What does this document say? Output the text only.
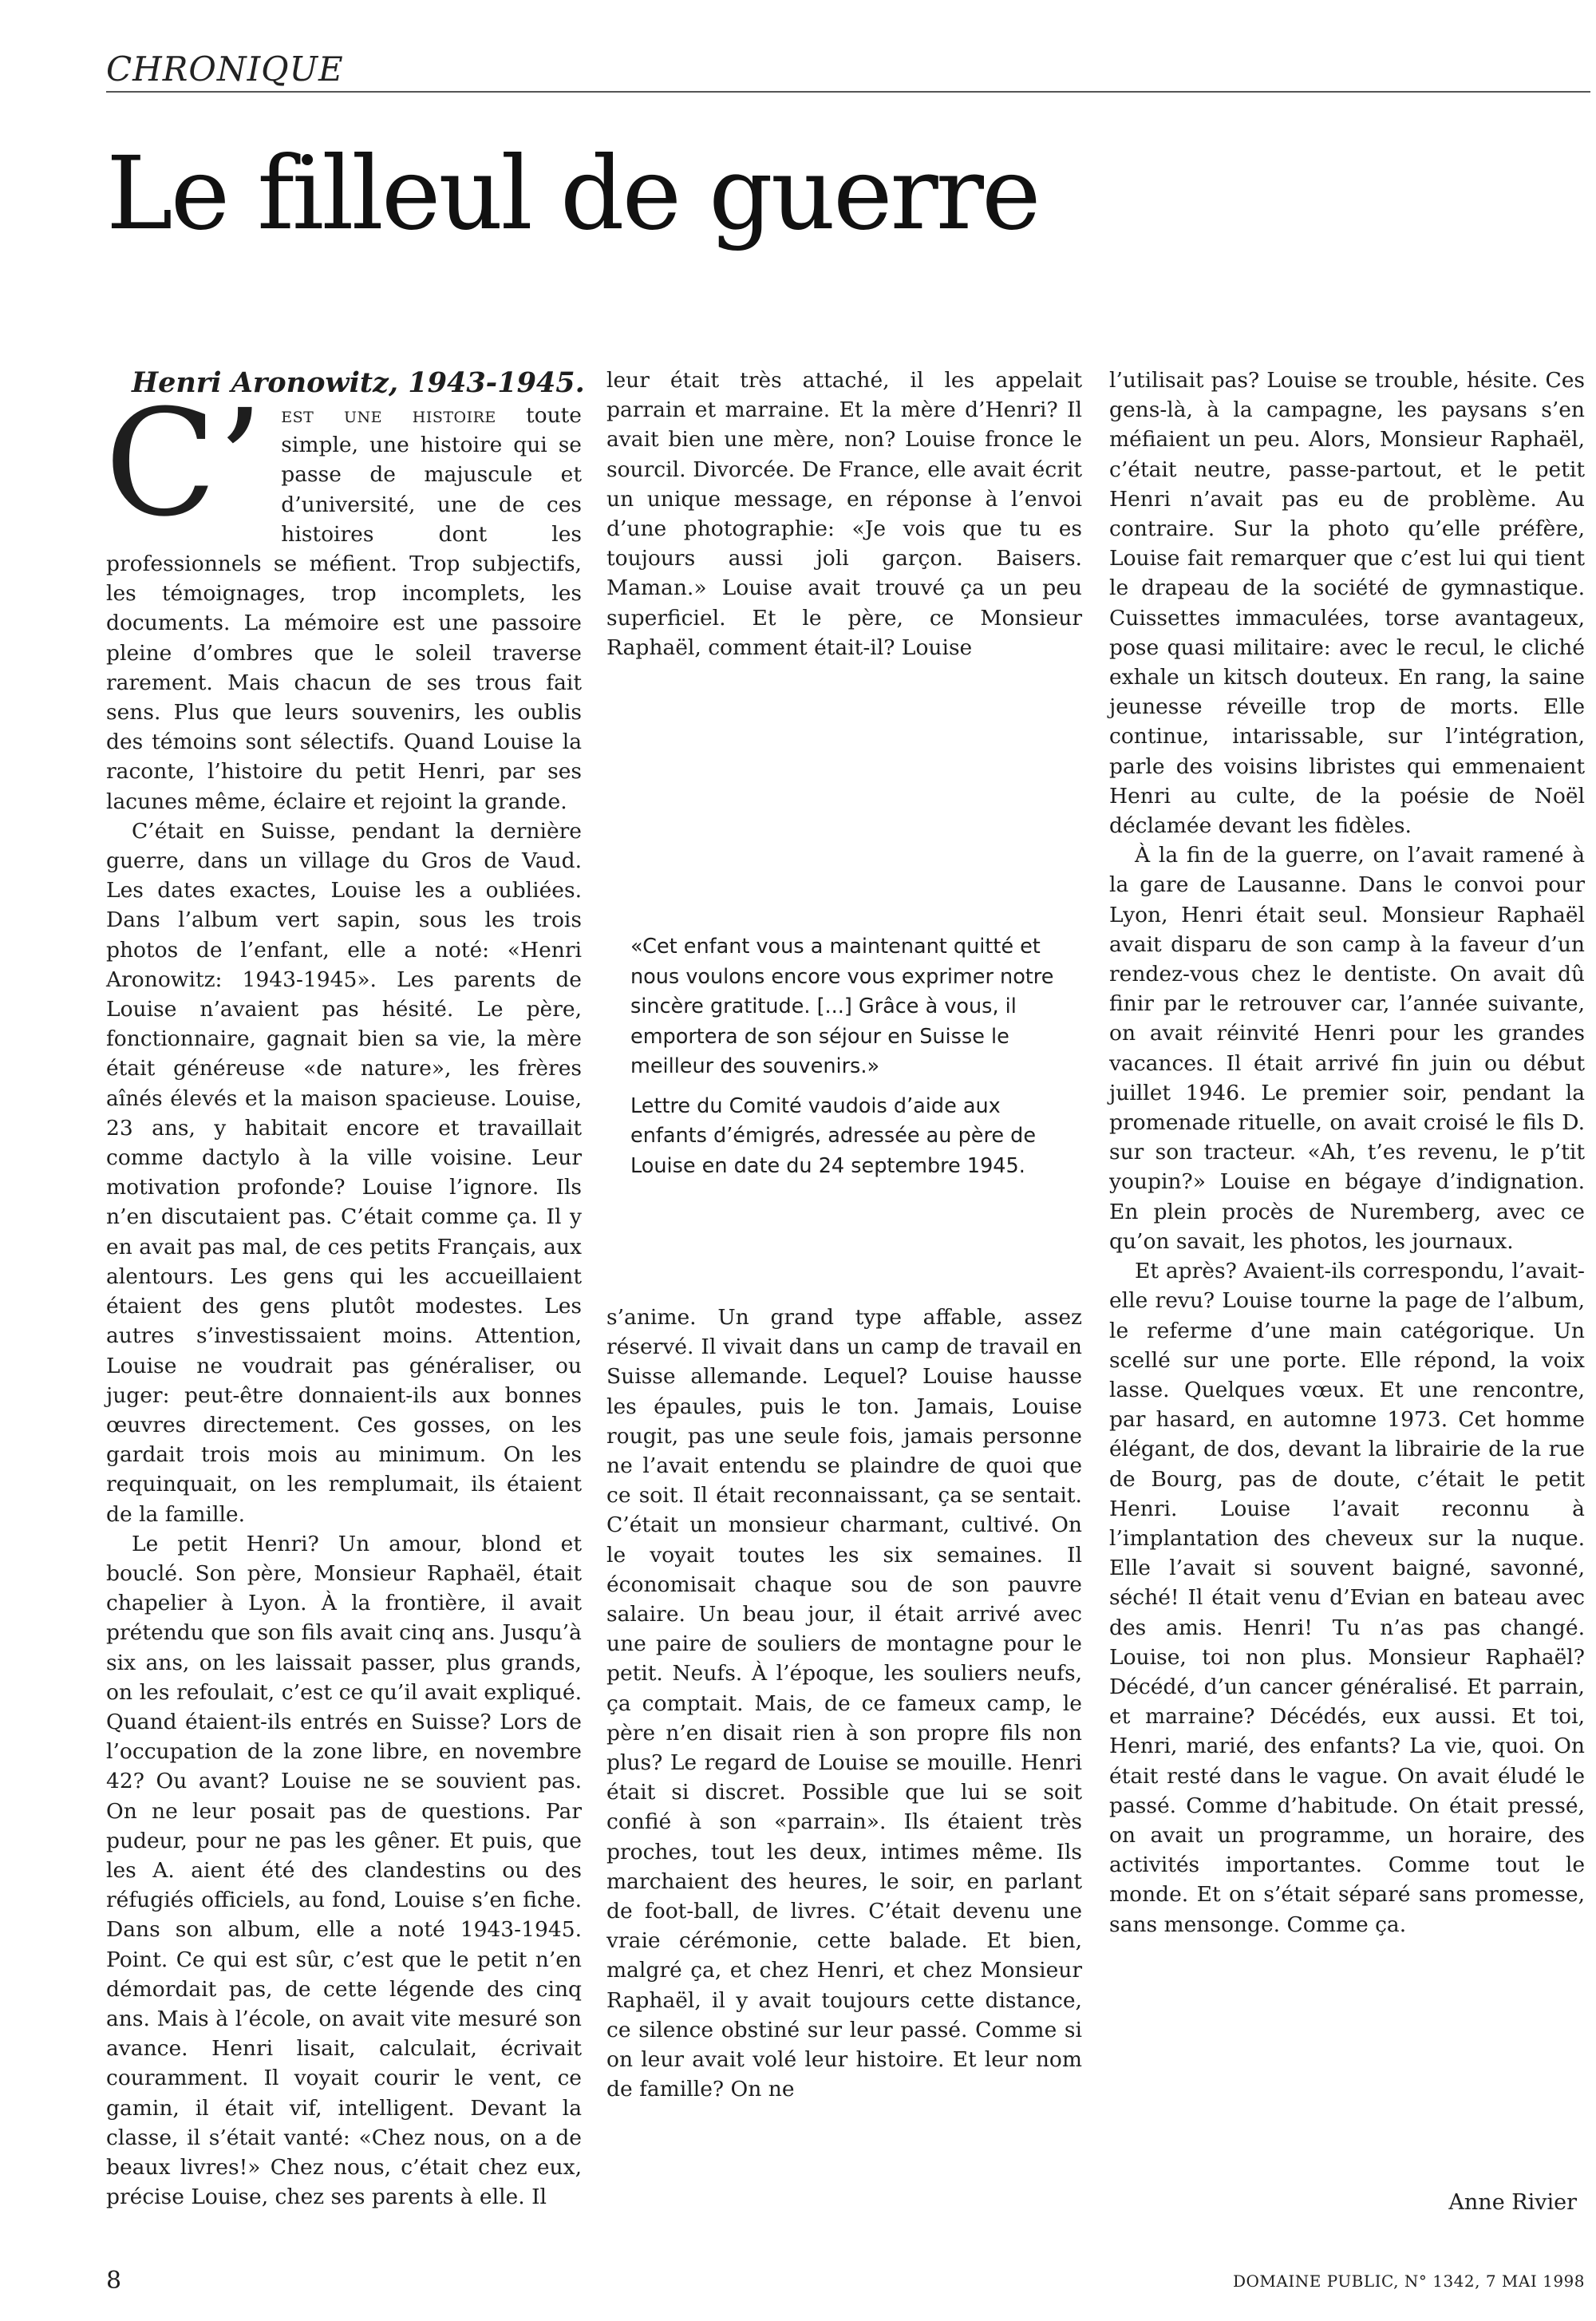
CHRONIQUE
Le filleul de guerre

Henri Aronowitz, 1943-1945.

C’ est une histoire toute simple, une histoire qui se passe de majuscule et d’université, une de ces histoires dont les professionnels se méfient. Trop subjectifs, les témoignages, trop incomplets, les documents. La mémoire est une passoire pleine d’ombres que le soleil traverse rarement. Mais chacun de ses trous fait sens. Plus que leurs souvenirs, les oublis des témoins sont sélectifs. Quand Louise la raconte, l’histoire du petit Henri, par ses lacunes même, éclaire et rejoint la grande.

C’était en Suisse, pendant la dernière guerre, dans un village du Gros de Vaud. Les dates exactes, Louise les a oubliées. Dans l’album vert sapin, sous les trois photos de l’enfant, elle a noté: «Henri Aronowitz: 1943-1945». Les parents de Louise n’avaient pas hésité. Le père, fonctionnaire, gagnait bien sa vie, la mère était généreuse «de nature», les frères aînés élevés et la maison spacieuse. Louise, 23 ans, y habitait encore et travaillait comme dactylo à la ville voisine. Leur motivation profonde? Louise l’ignore. Ils n’en discutaient pas. C’était comme ça. Il y en avait pas mal, de ces petits Français, aux alentours. Les gens qui les accueillaient étaient des gens plutôt modestes. Les autres s’investissaient moins. Attention, Louise ne voudrait pas généraliser, ou juger: peut-être donnaient-ils aux bonnes œuvres directement. Ces gosses, on les gardait trois mois au minimum. On les requinquait, on les remplumait, ils étaient de la famille.

Le petit Henri? Un amour, blond et bouclé. Son père, Monsieur Raphaël, était chapelier à Lyon. À la frontière, il avait prétendu que son fils avait cinq ans. Jusqu’à six ans, on les laissait passer, plus grands, on les refoulait, c’est ce qu’il avait expliqué. Quand étaient-ils entrés en Suisse? Lors de l’occupation de la zone libre, en novembre 42? Ou avant? Louise ne se souvient pas. On ne leur posait pas de questions. Par pudeur, pour ne pas les gêner. Et puis, que les A. aient été des clandestins ou des réfugiés officiels, au fond, Louise s’en fiche. Dans son album, elle a noté 1943-1945. Point. Ce qui est sûr, c’est que le petit n’en démordait pas, de cette légende des cinq ans. Mais à l’école, on avait vite mesuré son avance. Henri lisait, calculait, écrivait couramment. Il voyait courir le vent, ce gamin, il était vif, intelligent. Devant la classe, il s’était vanté: «Chez nous, on a de beaux livres!» Chez nous, c’était chez eux, précise Louise, chez ses parents à elle. Il

«Cet enfant vous a maintenant quitté et nous voulons encore vous exprimer notre sincère gratitude. [...] Grâce à vous, il emportera de son séjour en Suisse le meilleur des souvenirs.»

Lettre du Comité vaudois d’aide aux enfants d’émigrés, adressée au père de Louise en date du 24 septembre 1945.

s’anime. Un grand type affable, assez réservé. Il vivait dans un camp de travail en Suisse allemande. Lequel? Louise hausse les épaules, puis le ton. Jamais, Louise rougit, pas une seule fois, jamais personne ne l’avait entendu se plaindre de quoi que ce soit. Il était reconnaissant, ça se sentait. C’était un monsieur charmant, cultivé. On le voyait toutes les six semaines. Il économisait chaque sou de son pauvre salaire. Un beau jour, il était arrivé avec une paire de souliers de montagne pour le petit. Neufs. À l’époque, les souliers neufs, ça comptait. Mais, de ce fameux camp, le père n’en disait rien à son propre fils non plus? Le regard de Louise se mouille. Henri était si discret. Possible que lui se soit confié à son «parrain». Ils étaient très proches, tout les deux, intimes même. Ils marchaient des heures, le soir, en parlant de foot-ball, de livres. C’était devenu une vraie cérémonie, cette balade. Et bien, malgré ça, et chez Henri, et chez Monsieur Raphaël, il y avait toujours cette distance, ce silence obstiné sur leur passé. Comme si on leur avait volé leur histoire. Et leur nom de famille? On ne

l’utilisait pas? Louise se trouble, hésite. Ces gens-là, à la campagne, les paysans s’en méfiaient un peu. Alors, Monsieur Raphaël, c’était neutre, passe-partout, et le petit Henri n’avait pas eu de problème. Au contraire. Sur la photo qu’elle préfère, Louise fait remarquer que c’est lui qui tient le drapeau de la société de gymnastique. Cuissettes immaculées, torse avantageux, pose quasi militaire: avec le recul, le cliché exhale un kitsch douteux. En rang, la saine jeunesse réveille trop de morts. Elle continue, intarissable, sur l’intégration, parle des voisins libristes qui emmenaient Henri au culte, de la poésie de Noël déclamée devant les fidèles.

À la fin de la guerre, on l’avait ramené à la gare de Lausanne. Dans le convoi pour Lyon, Henri était seul. Monsieur Raphaël avait disparu de son camp à la faveur d’un rendez-vous chez le dentiste. On avait dû finir par le retrouver car, l’année suivante, on avait réinvité Henri pour les grandes vacances. Il était arrivé fin juin ou début juillet 1946. Le premier soir, pendant la promenade rituelle, on avait croisé le fils D. sur son tracteur. «Ah, t’es revenu, le p’tit youpin?» Louise en bégaye d’indignation. En plein procès de Nuremberg, avec ce qu’on savait, les photos, les journaux.

Et après? Avaient-ils correspondu, l’avait-elle revu? Louise tourne la page de l’album, le referme d’une main catégorique. Un scellé sur une porte. Elle répond, la voix lasse. Quelques vœux. Et une rencontre, par hasard, en automne 1973. Cet homme élégant, de dos, devant la librairie de la rue de Bourg, pas de doute, c’était le petit Henri. Louise l’avait reconnu à l’implantation des cheveux sur la nuque. Elle l’avait si souvent baigné, savonné, séché! Il était venu d’Evian en bateau avec des amis. Henri! Tu n’as pas changé. Louise, toi non plus. Monsieur Raphaël? Décédé, d’un cancer généralisé. Et parrain, et marraine? Décédés, eux aussi. Et toi, Henri, marié, des enfants? La vie, quoi. On était resté dans le vague. On avait éludé le passé. Comme d’habitude. On était pressé, on avait un programme, un horaire, des activités importantes. Comme tout le monde. Et on s’était séparé sans promesse, sans mensonge. Comme ça.

Anne Rivier
8	DOMAINE PUBLIC, N° 1342, 7 MAI 1998

leur était très attaché, il les appelait parrain et marraine. Et la mère d’Henri? Il avait bien une mère, non? Louise fronce le sourcil. Divorcée. De France, elle avait écrit un unique message, en réponse à l’envoi d’une photographie: «Je vois que tu es toujours aussi joli garçon. Baisers. Maman.» Louise avait trouvé ça un peu superficiel. Et le père, ce Monsieur Raphaël, comment était-il? Louise
